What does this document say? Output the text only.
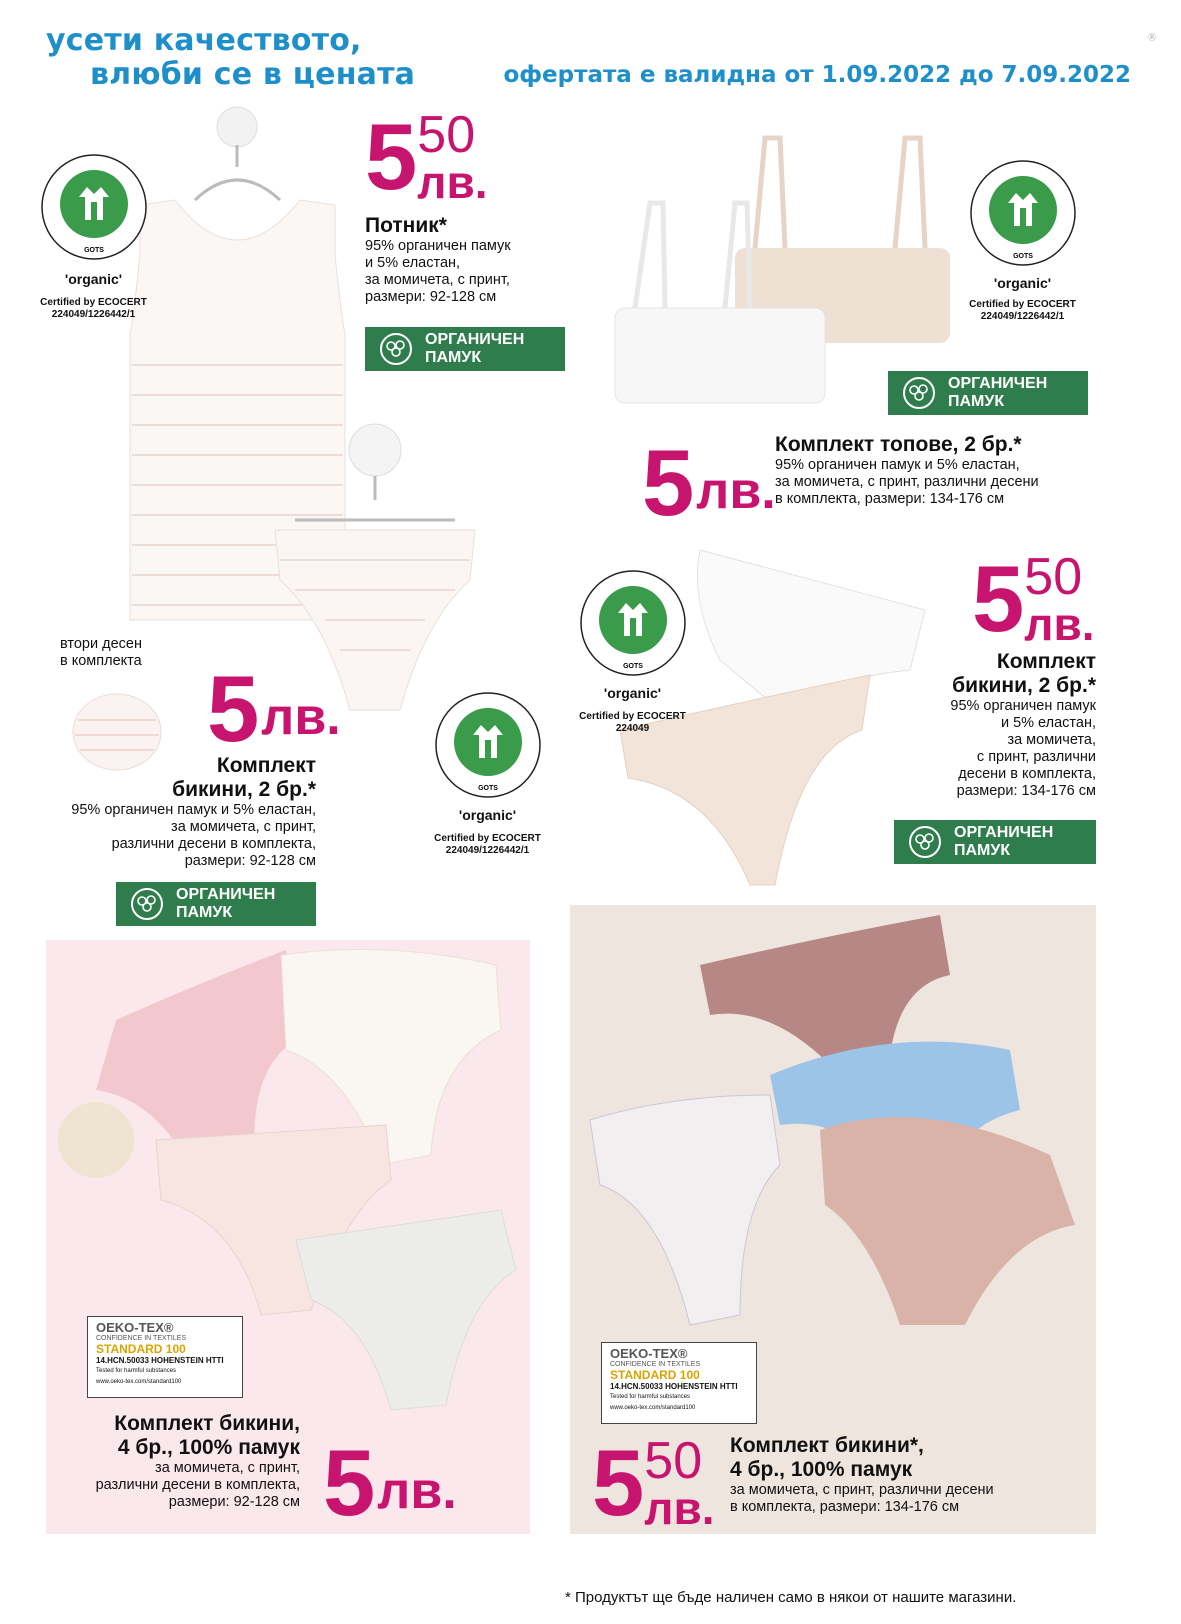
усети качеството,
влюби се в цената	офертата е валидна от 1.09.2022 до 7.09.2022
Ⓡ
5 50
лв.
Потник*
95% органичен памук
и 5% еластан,
за момичета, с принт,
размери: 92-128 см
ОРГАНИЧЕН
ПАМУК
GOTS
'organic'
Certified by ECOCERT
224049/1226442/1
GOTS
'organic'
Certified by ECOCERT
224049/1226442/1
ОРГАНИЧЕН
ПАМУК
5лв.
Комплект топове, 2 бр.*
95% органичен памук и 5% еластан,
за момичета, с принт, различни десени
в комплекта, размери: 134-176 см
втори десен
в комплекта 5лв.
Комплект
бикини, 2 бр.*
95% органичен памук и 5% еластан,
за момичета, с принт,
различни десени в комплекта,
размери: 92-128 см
ОРГАНИЧЕН
ПАМУК
GOTS
'organic'
Certified by ECOCERT
224049/1226442/1
GOTS
'organic'
Certified by ECOCERT
224049
5 50
лв.
Комплект
бикини, 2 бр.*
95% органичен памук
и 5% еластан,
за момичета,
с принт, различни
десени в комплекта,
размери: 134-176 см
ОРГАНИЧЕН
ПАМУК
OEKO-TEX®
CONFIDENCE IN TEXTILES
STANDARD 100
14.HCN.50033 HOHENSTEIN HTTI
Tested for harmful substances
www.oeko-tex.com/standard100
OEKO-TEX®
CONFIDENCE IN TEXTILES
STANDARD 100
14.HCN.50033 HOHENSTEIN HTTI
Tested for harmful substances
www.oeko-tex.com/standard100
Комплект бикини,
4 бр., 100% памук
за момичета, с принт,
различни десени в комплекта,
размери: 92-128 см 5лв. 5 50
лв.
Комплект бикини*,
4 бр., 100% памук
за момичета, с принт, различни десени
в комплекта, размери: 134-176 см
* Продуктът ще бъде наличен само в някои от нашите магазини.
